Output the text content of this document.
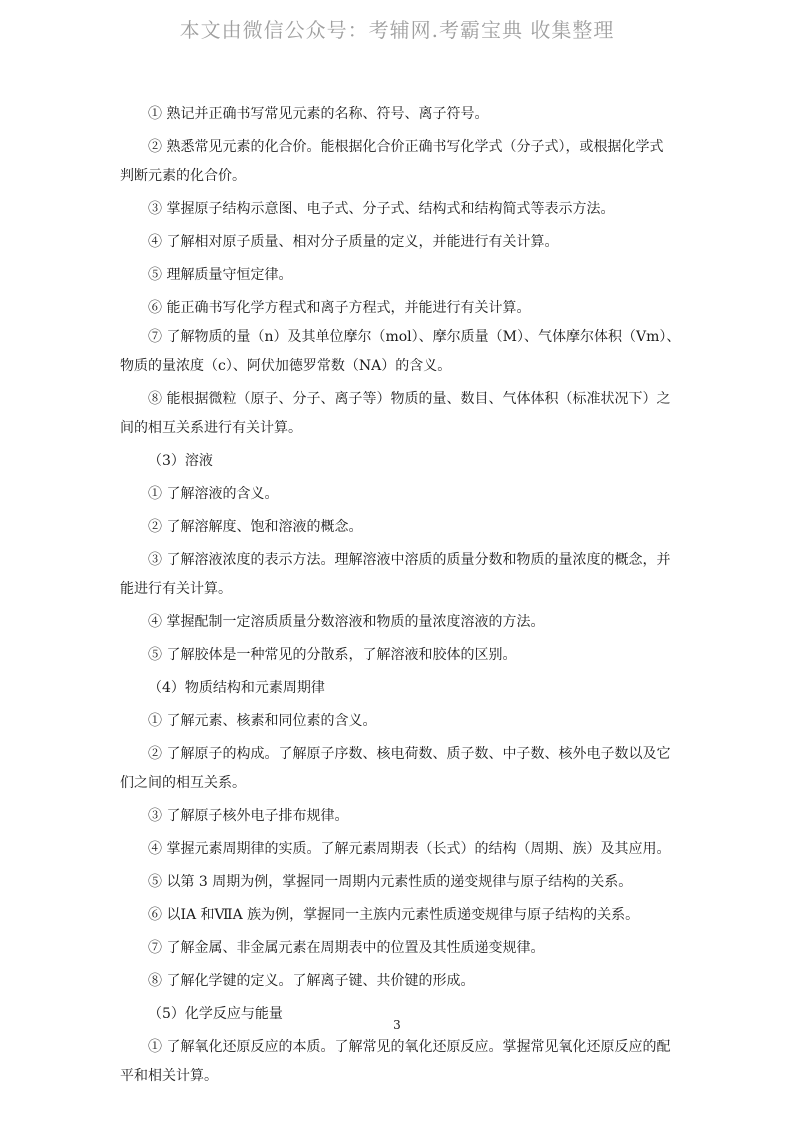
本文由微信公众号：考辅网.考霸宝典 收集整理
① 熟记并正确书写常见元素的名称、符号、离子符号。
② 熟悉常见元素的化合价。能根据化合价正确书写化学式（分子式），或根据化学式
判断元素的化合价。
③ 掌握原子结构示意图、电子式、分子式、结构式和结构简式等表示方法。
④ 了解相对原子质量、相对分子质量的定义，并能进行有关计算。
⑤ 理解质量守恒定律。
⑥ 能正确书写化学方程式和离子方程式，并能进行有关计算。
⑦ 了解物质的量（n）及其单位摩尔（mol）、摩尔质量（M）、气体摩尔体积（Vm）、
物质的量浓度（c）、阿伏加德罗常数（NA）的含义。
⑧ 能根据微粒（原子、分子、离子等）物质的量、数目、气体体积（标准状况下）之
间的相互关系进行有关计算。
（3）溶液
① 了解溶液的含义。
② 了解溶解度、饱和溶液的概念。
③ 了解溶液浓度的表示方法。理解溶液中溶质的质量分数和物质的量浓度的概念，并
能进行有关计算。
④ 掌握配制一定溶质质量分数溶液和物质的量浓度溶液的方法。
⑤ 了解胶体是一种常见的分散系，了解溶液和胶体的区别。
（4）物质结构和元素周期律
① 了解元素、核素和同位素的含义。
② 了解原子的构成。了解原子序数、核电荷数、质子数、中子数、核外电子数以及它
们之间的相互关系。
③ 了解原子核外电子排布规律。
④ 掌握元素周期律的实质。了解元素周期表（长式）的结构（周期、族）及其应用。
⑤ 以第 3 周期为例，掌握同一周期内元素性质的递变规律与原子结构的关系。
⑥ 以ⅠA 和ⅦA 族为例，掌握同一主族内元素性质递变规律与原子结构的关系。
⑦ 了解金属、非金属元素在周期表中的位置及其性质递变规律。
⑧ 了解化学键的定义。了解离子键、共价键的形成。
（5）化学反应与能量
① 了解氧化还原反应的本质。了解常见的氧化还原反应。掌握常见氧化还原反应的配
平和相关计算。
3
